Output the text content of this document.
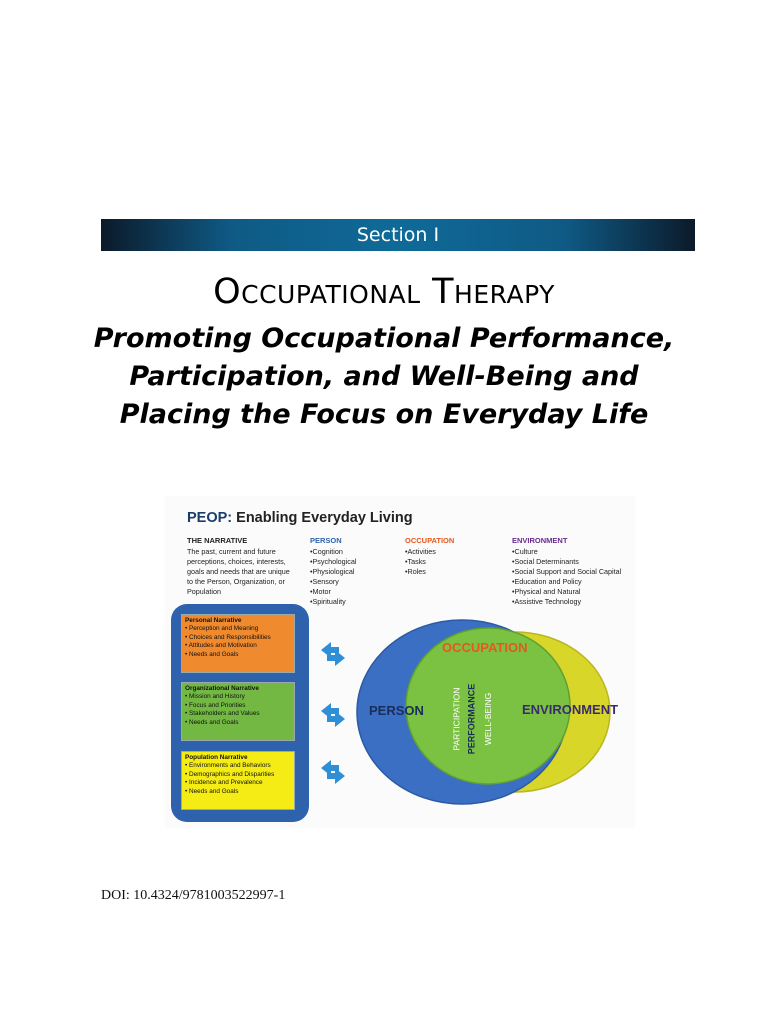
Section I
Occupational Therapy
Promoting Occupational Performance,
Participation, and Well-Being and
Placing the Focus on Everyday Life
PEOP: Enabling Everyday Living
THE NARRATIVE
The past, current and future
perceptions, choices, interests,
goals and needs that are unique
to the Person, Organization, or
Population
PERSON
•Cognition
•Psychological
•Physiological
•Sensory
•Motor
•Spirituality
OCCUPATION
•Activities
•Tasks
•Roles
ENVIRONMENT
•Culture
•Social Determinants
•Social Support and Social Capital
•Education and Policy
•Physical and Natural
•Assistive Technology
Personal Narrative
• Perception and Meaning
• Choices and Responsibilities
• Attitudes and Motivation
• Needs and Goals
Organizational Narrative
• Mission and History
• Focus and Priorities
• Stakeholders and Values
• Needs and Goals
Population Narrative
• Environments and Behaviors
• Demographics and Disparities
• Incidence and Prevalence
• Needs and Goals
OCCUPATION
PERSON	ENVIRONMENT
PARTICIPATION PERFORMANCE WELL-BEING
DOI: 10.4324/9781003522997-1
